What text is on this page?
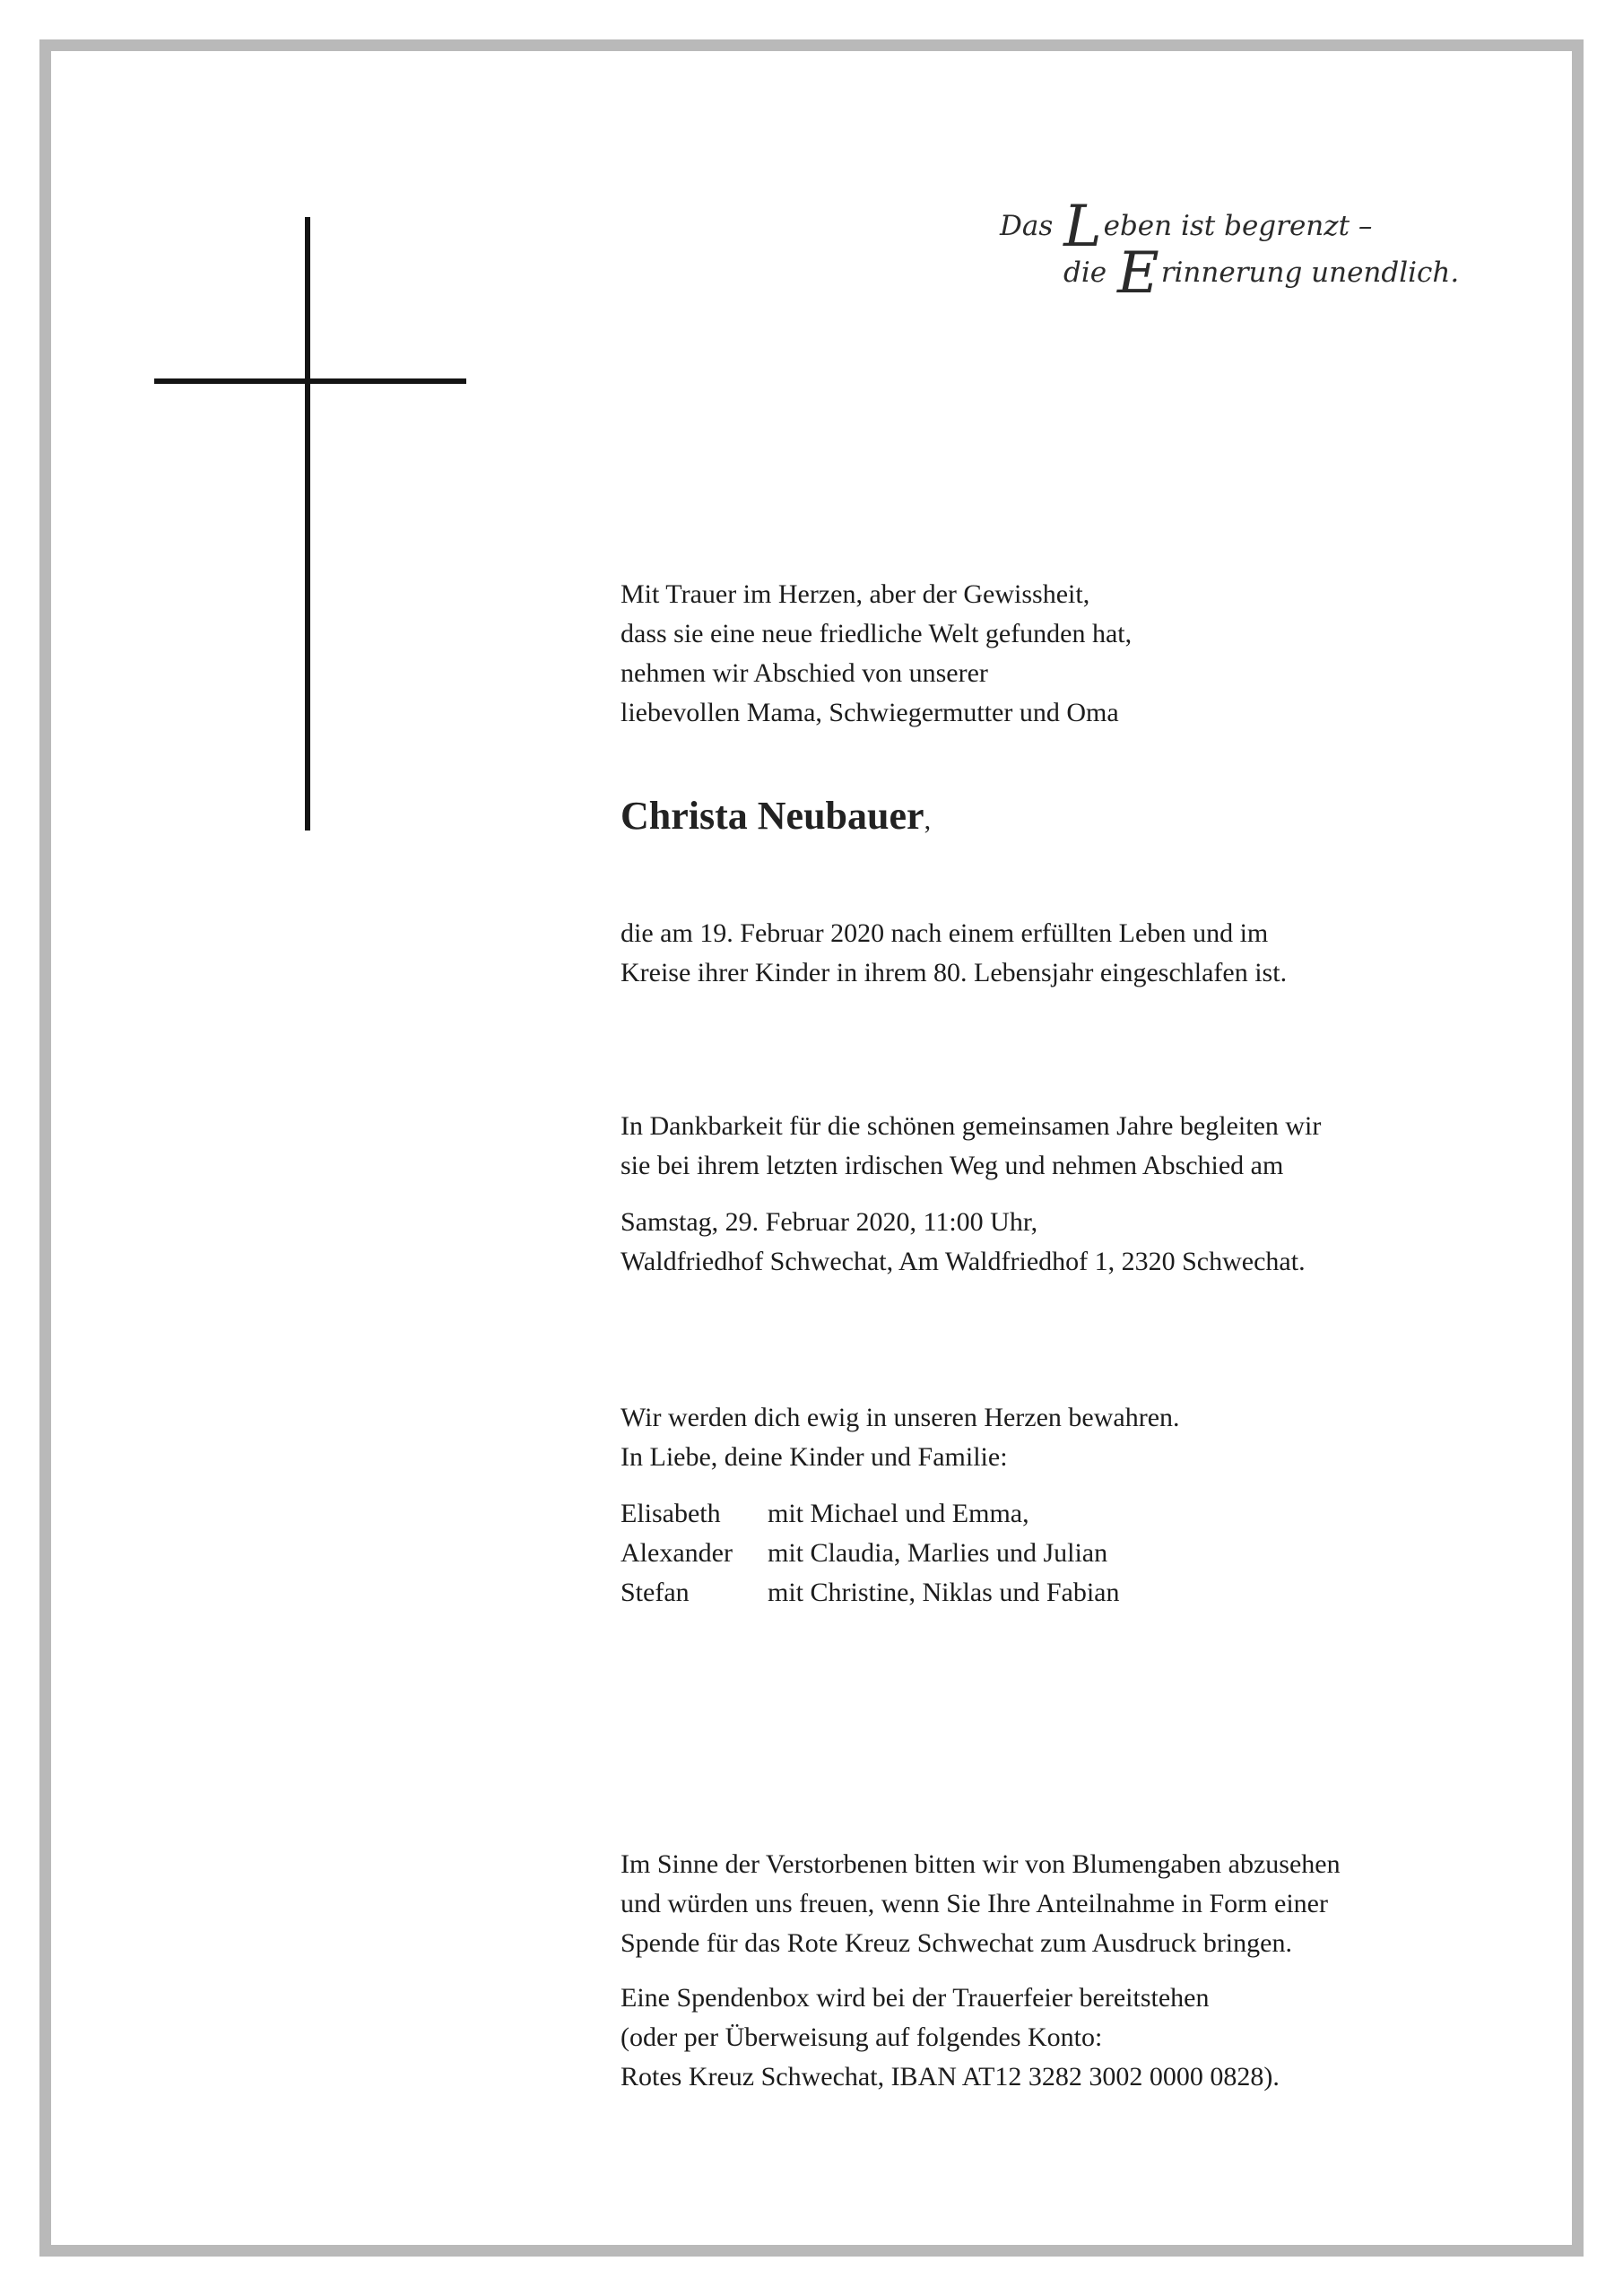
Das Leben ist begrenzt –
die Erinnerung unendlich.
Mit Trauer im Herzen, aber der Gewissheit,
dass sie eine neue friedliche Welt gefunden hat,
nehmen wir Abschied von unserer
liebevollen Mama, Schwiegermutter und Oma
Christa Neubauer,
die am 19. Februar 2020 nach einem erfüllten Leben und im
Kreise ihrer Kinder in ihrem 80. Lebensjahr eingeschlafen ist.
In Dankbarkeit für die schönen gemeinsamen Jahre begleiten wir
sie bei ihrem letzten irdischen Weg und nehmen Abschied am
Samstag, 29. Februar 2020, 11:00 Uhr,
Waldfriedhof Schwechat, Am Waldfriedhof 1, 2320 Schwechat.
Wir werden dich ewig in unseren Herzen bewahren.
In Liebe, deine Kinder und Familie:
Elisabeth	mit Michael und Emma,
Alexander	mit Claudia, Marlies und Julian
Stefan	mit Christine, Niklas und Fabian
Im Sinne der Verstorbenen bitten wir von Blumengaben abzusehen
und würden uns freuen, wenn Sie Ihre Anteilnahme in Form einer
Spende für das Rote Kreuz Schwechat zum Ausdruck bringen.
Eine Spendenbox wird bei der Trauerfeier bereitstehen
(oder per Überweisung auf folgendes Konto:
Rotes Kreuz Schwechat, IBAN AT12 3282 3002 0000 0828).
